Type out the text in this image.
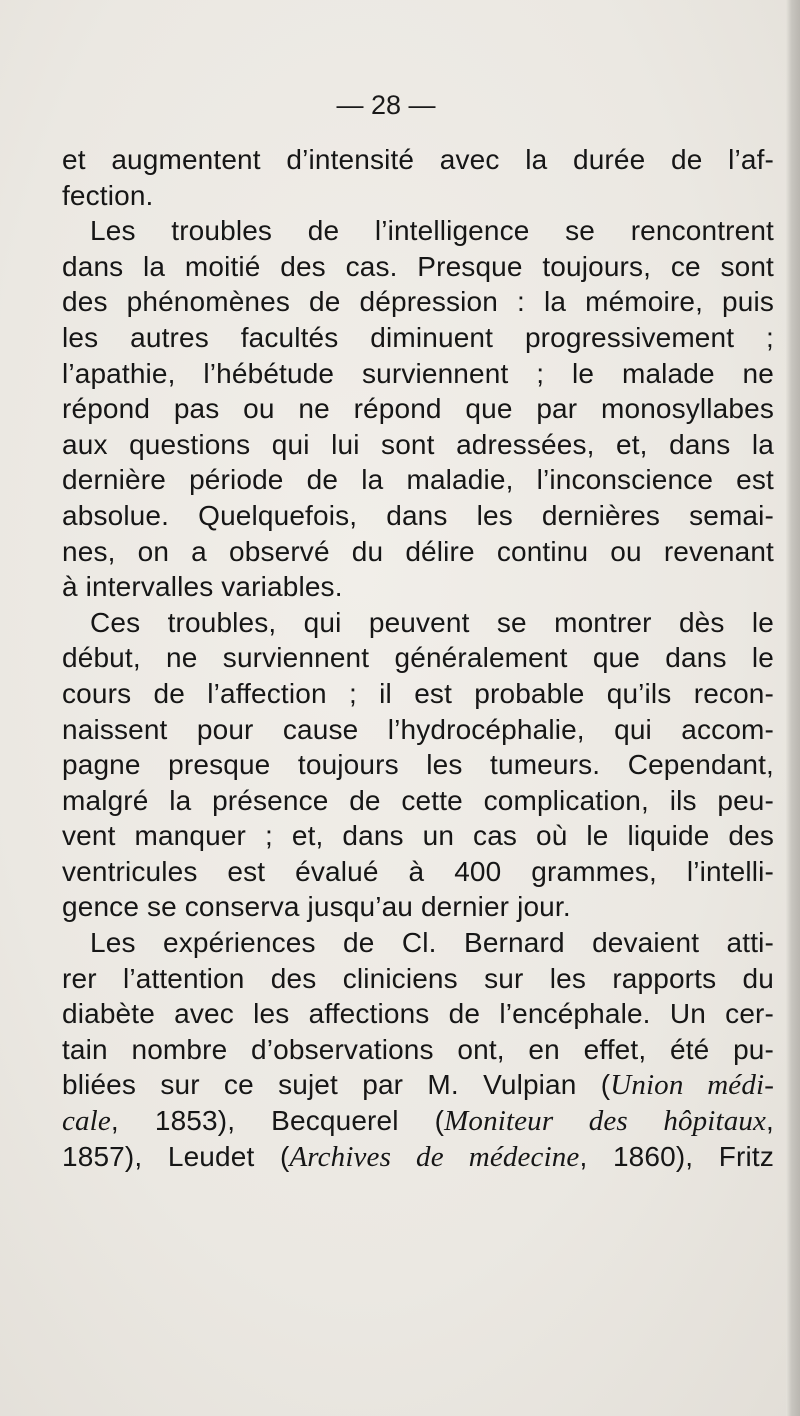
— 28 —
et augmentent d’intensité avec la durée de l’af-
fection.
Les troubles de l’intelligence se rencontrent
dans la moitié des cas. Presque toujours, ce sont
des phénomènes de dépression : la mémoire, puis
les autres facultés diminuent progressivement ;
l’apathie, l’hébétude surviennent ; le malade ne
répond pas ou ne répond que par monosyllabes
aux questions qui lui sont adressées, et, dans la
dernière période de la maladie, l’inconscience est
absolue. Quelquefois, dans les dernières semai-
nes, on a observé du délire continu ou revenant
à intervalles variables.
Ces troubles, qui peuvent se montrer dès le
début, ne surviennent généralement que dans le
cours de l’affection ; il est probable qu’ils recon-
naissent pour cause l’hydrocéphalie, qui accom-
pagne presque toujours les tumeurs. Cependant,
malgré la présence de cette complication, ils peu-
vent manquer ; et, dans un cas où le liquide des
ventricules est évalué à 400 grammes, l’intelli-
gence se conserva jusqu’au dernier jour.
Les expériences de Cl. Bernard devaient atti-
rer l’attention des cliniciens sur les rapports du
diabète avec les affections de l’encéphale. Un cer-
tain nombre d’observations ont, en effet, été pu-
bliées sur ce sujet par M. Vulpian (Union médi-
cale, 1853), Becquerel (Moniteur des hôpitaux,
1857), Leudet (Archives de médecine, 1860), Fritz
